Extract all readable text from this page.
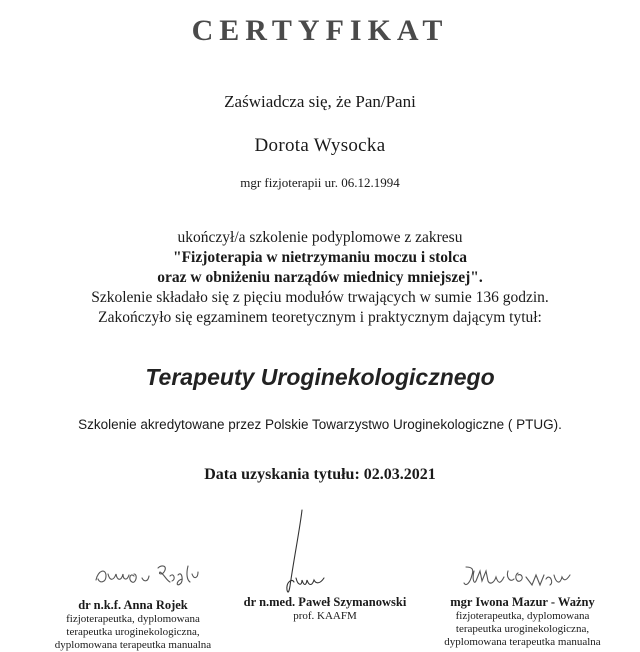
CERTYFIKAT
Zaświadcza się, że Pan/Pani
Dorota Wysocka
mgr fizjoterapii ur. 06.12.1994
ukończył/a szkolenie podyplomowe z zakresu
"Fizjoterapia w nietrzymaniu moczu i stolca
oraz w obniżeniu narządów miednicy mniejszej".
Szkolenie składało się z pięciu modułów trwających w sumie 136 godzin.
Zakończyło się egzaminem teoretycznym i praktycznym dającym tytuł:
Terapeuty Uroginekologicznego
Szkolenie akredytowane przez Polskie Towarzystwo Uroginekologiczne ( PTUG).
Data uzyskania tytułu: 02.03.2021
dr n.k.f. Anna Rojek
fizjoterapeutka, dyplomowana
terapeutka uroginekologiczna,
dyplomowana terapeutka manualna
dr n.med. Paweł Szymanowski
prof. KAAFM
mgr Iwona Mazur - Ważny
fizjoterapeutka, dyplomowana
terapeutka uroginekologiczna,
dyplomowana terapeutka manualna
